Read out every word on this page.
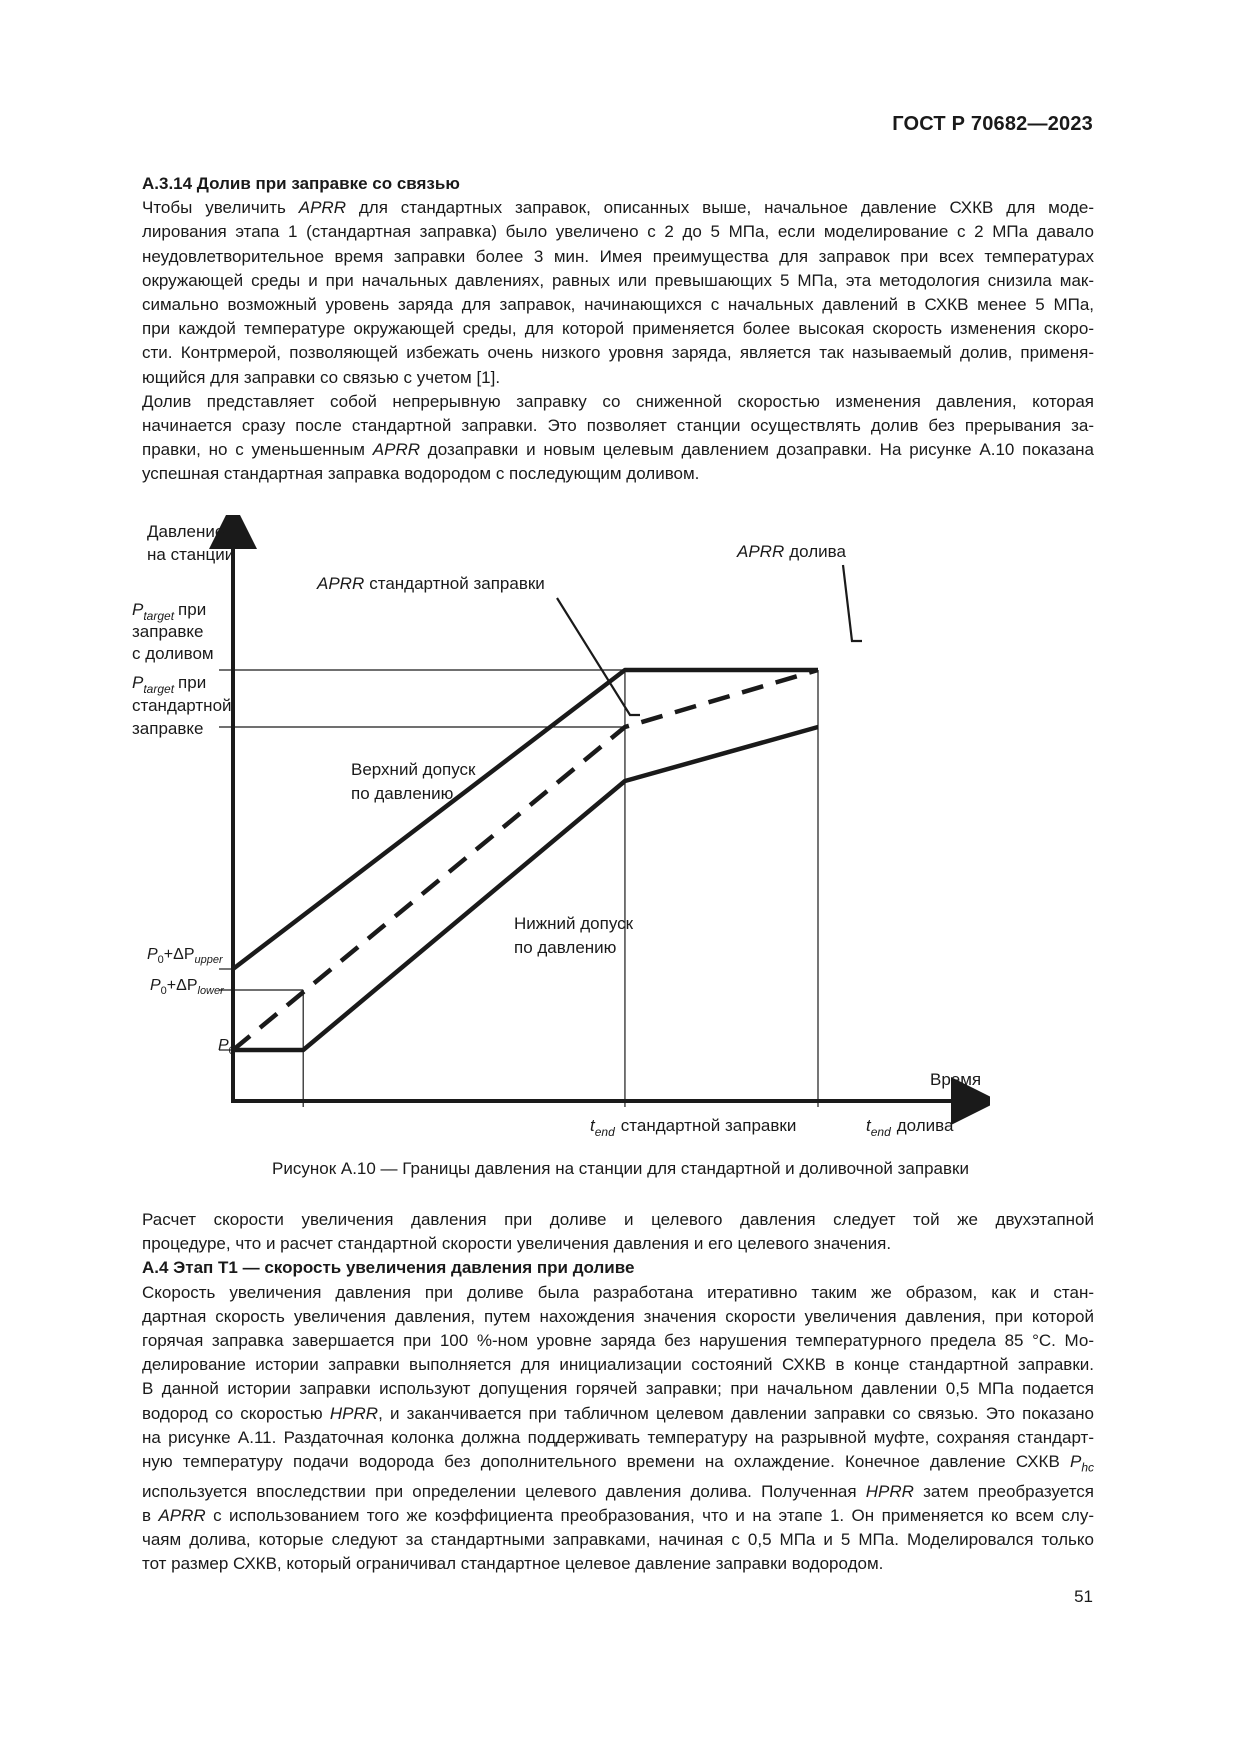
ГОСТ Р 70682—2023

А.3.14 Долив при заправке со связью

Чтобы увеличить APRR для стандартных заправок, описанных выше, начальное давление СХКВ для моде-
лирования этапа 1 (стандартная заправка) было увеличено с 2 до 5 МПа, если моделирование с 2 МПа давало
неудовлетворительное время заправки более 3 мин. Имея преимущества для заправок при всех температурах
окружающей среды и при начальных давлениях, равных или превышающих 5 МПа, эта методология снизила мак-
симально возможный уровень заряда для заправок, начинающихся с начальных давлений в СХКВ менее 5 МПа,
при каждой температуре окружающей среды, для которой применяется более высокая скорость изменения скоро-
сти. Контрмерой, позволяющей избежать очень низкого уровня заряда, является так называемый долив, применя-
ющийся для заправки со связью с учетом [1].
Долив представляет собой непрерывную заправку со сниженной скоростью изменения давления, которая
начинается сразу после стандартной заправки. Это позволяет станции осуществлять долив без прерывания за-
правки, но с уменьшенным APRR дозаправки и новым целевым давлением дозаправки. На рисунке А.10 показана
успешная стандартная заправка водородом с последующим доливом.
Давление
на станции
Время
$P_{target}$ при
заправке
с доливом
$P_{target}$ при
стандартной
заправке
$P_0+\Delta P_{upper}$
$P_0+\Delta P_{lower}$
$P_0$
$t_{end}$ стандартной заправки	$t_{end}$ долива
APRR стандартной заправки
APRR долива
Верхний допуск
по давлению
Нижний допуск
по давлению
Рисунок А.10 — Границы давления на станции для стандартной и доливочной заправки
Расчет скорости увеличения давления при доливе и целевого давления следует той же двухэтапной
процедуре, что и расчет стандартной скорости увеличения давления и его целевого значения.

А.4 Этап Т1 — скорость увеличения давления при доливе

Скорость увеличения давления при доливе была разработана итеративно таким же образом, как и стан-
дартная скорость увеличения давления, путем нахождения значения скорости увеличения давления, при которой
горячая заправка завершается при 100 %-ном уровне заряда без нарушения температурного предела 85 °С. Мо-
делирование истории заправки выполняется для инициализации состояний СХКВ в конце стандартной заправки.
В данной истории заправки используют допущения горячей заправки; при начальном давлении 0,5 МПа подается
водород со скоростью HPRR, и заканчивается при табличном целевом давлении заправки со связью. Это показано
на рисунке А.11. Раздаточная колонка должна поддерживать температуру на разрывной муфте, сохраняя стандарт-
ную температуру подачи водорода без дополнительного времени на охлаждение. Конечное давление СХКВ $P_{hc}$
используется впоследствии при определении целевого давления долива. Полученная HPRR затем преобразуется
в APRR с использованием того же коэффициента преобразования, что и на этапе 1. Он применяется ко всем слу-
чаям долива, которые следуют за стандартными заправками, начиная с 0,5 МПа и 5 МПа. Моделировался только
тот размер СХКВ, который ограничивал стандартное целевое давление заправки водородом.
51
